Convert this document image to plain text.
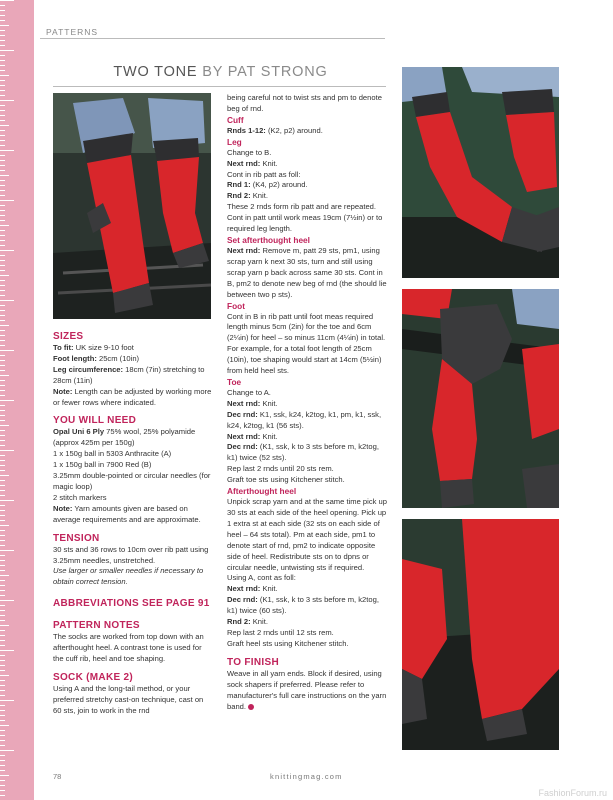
PATTERNS
TWO TONE BY PAT STRONG

SIZES

To fit: UK size 9-10 foot

Foot length: 25cm (10in)

Leg circumference: 18cm (7in) stretching to 28cm (11in)

Note: Length can be adjusted by working more or fewer rows where indicated.

YOU WILL NEED

Opal Uni 6 Ply 75% wool, 25% polyamide (approx 425m per 150g)

1 x 150g ball in 5303 Anthracite (A)

1 x 150g ball in 7900 Red (B)

3.25mm double-pointed or circular needles (for magic loop)

2 stitch markers

Note: Yarn amounts given are based on average requirements and are approximate.

TENSION

30 sts and 36 rows to 10cm over rib patt using 3.25mm needles, unstretched.

Use larger or smaller needles if necessary to obtain correct tension.

ABBREVIATIONS SEE PAGE 91

PATTERN NOTES

The socks are worked from top down with an afterthought heel. A contrast tone is used for the cuff rib, heel and toe shaping.

SOCK (MAKE 2)

Using A and the long-tail method, or your preferred stretchy cast-on technique, cast on 60 sts, join to work in the rnd

being careful not to twist sts and pm to denote beg of rnd.

Cuff

Rnds 1-12: (K2, p2) around.

Leg

Change to B.

Next rnd: Knit.

Cont in rib patt as foll:

Rnd 1: (K4, p2) around.

Rnd 2: Knit.

These 2 rnds form rib patt and are repeated.

Cont in patt until work meas 19cm (7½in) or to required leg length.

Set afterthought heel

Next rnd: Remove m, patt 29 sts, pm1, using scrap yarn k next 30 sts, turn and still using scrap yarn p back across same 30 sts. Cont in B, pm2 to denote new beg of rnd (the should lie between two p sts).

Foot

Cont in B in rib patt until foot meas required length minus 5cm (2in) for the toe and 6cm (2¼in) for heel – so minus 11cm (4¼in) in total. For example, for a total foot length of 25cm (10in), toe shaping would start at 14cm (5½in) from held heel sts.

Toe

Change to A.

Next rnd: Knit.

Dec rnd: K1, ssk, k24, k2tog, k1, pm, k1, ssk, k24, k2tog, k1 (56 sts).

Next rnd: Knit.

Dec rnd: (K1, ssk, k to 3 sts before m, k2tog, k1) twice (52 sts).

Rep last 2 rnds until 20 sts rem.

Graft toe sts using Kitchener stitch.

Afterthought heel

Unpick scrap yarn and at the same time pick up 30 sts at each side of the heel opening. Pick up 1 extra st at each side (32 sts on each side of heel – 64 sts total). Pm at each side, pm1 to denote start of rnd, pm2 to indicate opposite side of heel. Redistribute sts on to dpns or circular needle, untwisting sts if required.

Using A, cont as foll:

Next rnd: Knit.

Dec rnd: (K1, ssk, k to 3 sts before m, k2tog, k1) twice (60 sts).

Rnd 2: Knit.

Rep last 2 rnds until 12 sts rem.

Graft heel sts using Kitchener stitch.

TO FINISH

Weave in all yarn ends. Block if desired, using sock shapers if preferred. Please refer to manufacturer's full care instructions on the yarn band.

78	knittingmag.com
FashionForum.ru
